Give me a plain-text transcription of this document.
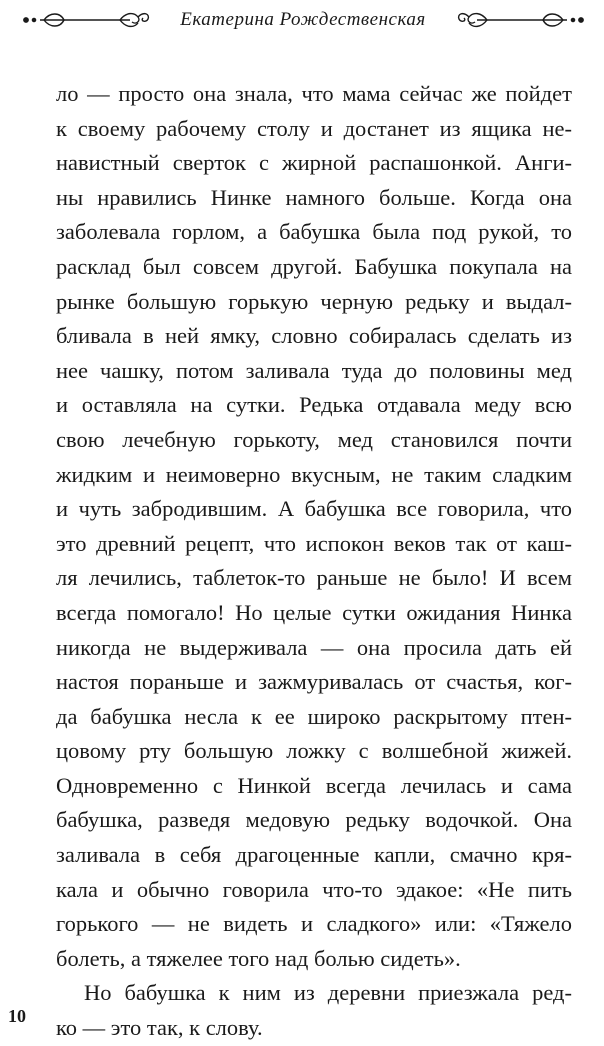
Екатерина Рождественская
ло — просто она знала, что мама сейчас же пойдет
к своему рабочему столу и достанет из ящика не-
навистный сверток с жирной распашонкой. Анги-
ны нравились Нинке намного больше. Когда она
заболевала горлом, а бабушка была под рукой, то
расклад был совсем другой. Бабушка покупала на
рынке большую горькую черную редьку и выдал-
бливала в ней ямку, словно собиралась сделать из
нее чашку, потом заливала туда до половины мед
и оставляла на сутки. Редька отдавала меду всю
свою лечебную горькоту, мед становился почти
жидким и неимоверно вкусным, не таким сладким
и чуть забродившим. А бабушка все говорила, что
это древний рецепт, что испокон веков так от каш-
ля лечились, таблеток-то раньше не было! И всем
всегда помогало! Но целые сутки ожидания Нинка
никогда не выдерживала — она просила дать ей
настоя пораньше и зажмуривалась от счастья, ког-
да бабушка несла к ее широко раскрытому птен-
цовому рту большую ложку с волшебной жижей.
Одновременно с Нинкой всегда лечилась и сама
бабушка, разведя медовую редьку водочкой. Она
заливала в себя драгоценные капли, смачно кря-
кала и обычно говорила что-то эдакое: «Не пить
горького — не видеть и сладкого» или: «Тяжело
болеть, а тяжелее того над болью сидеть».
Но бабушка к ним из деревни приезжала ред-
ко — это так, к слову.
10
